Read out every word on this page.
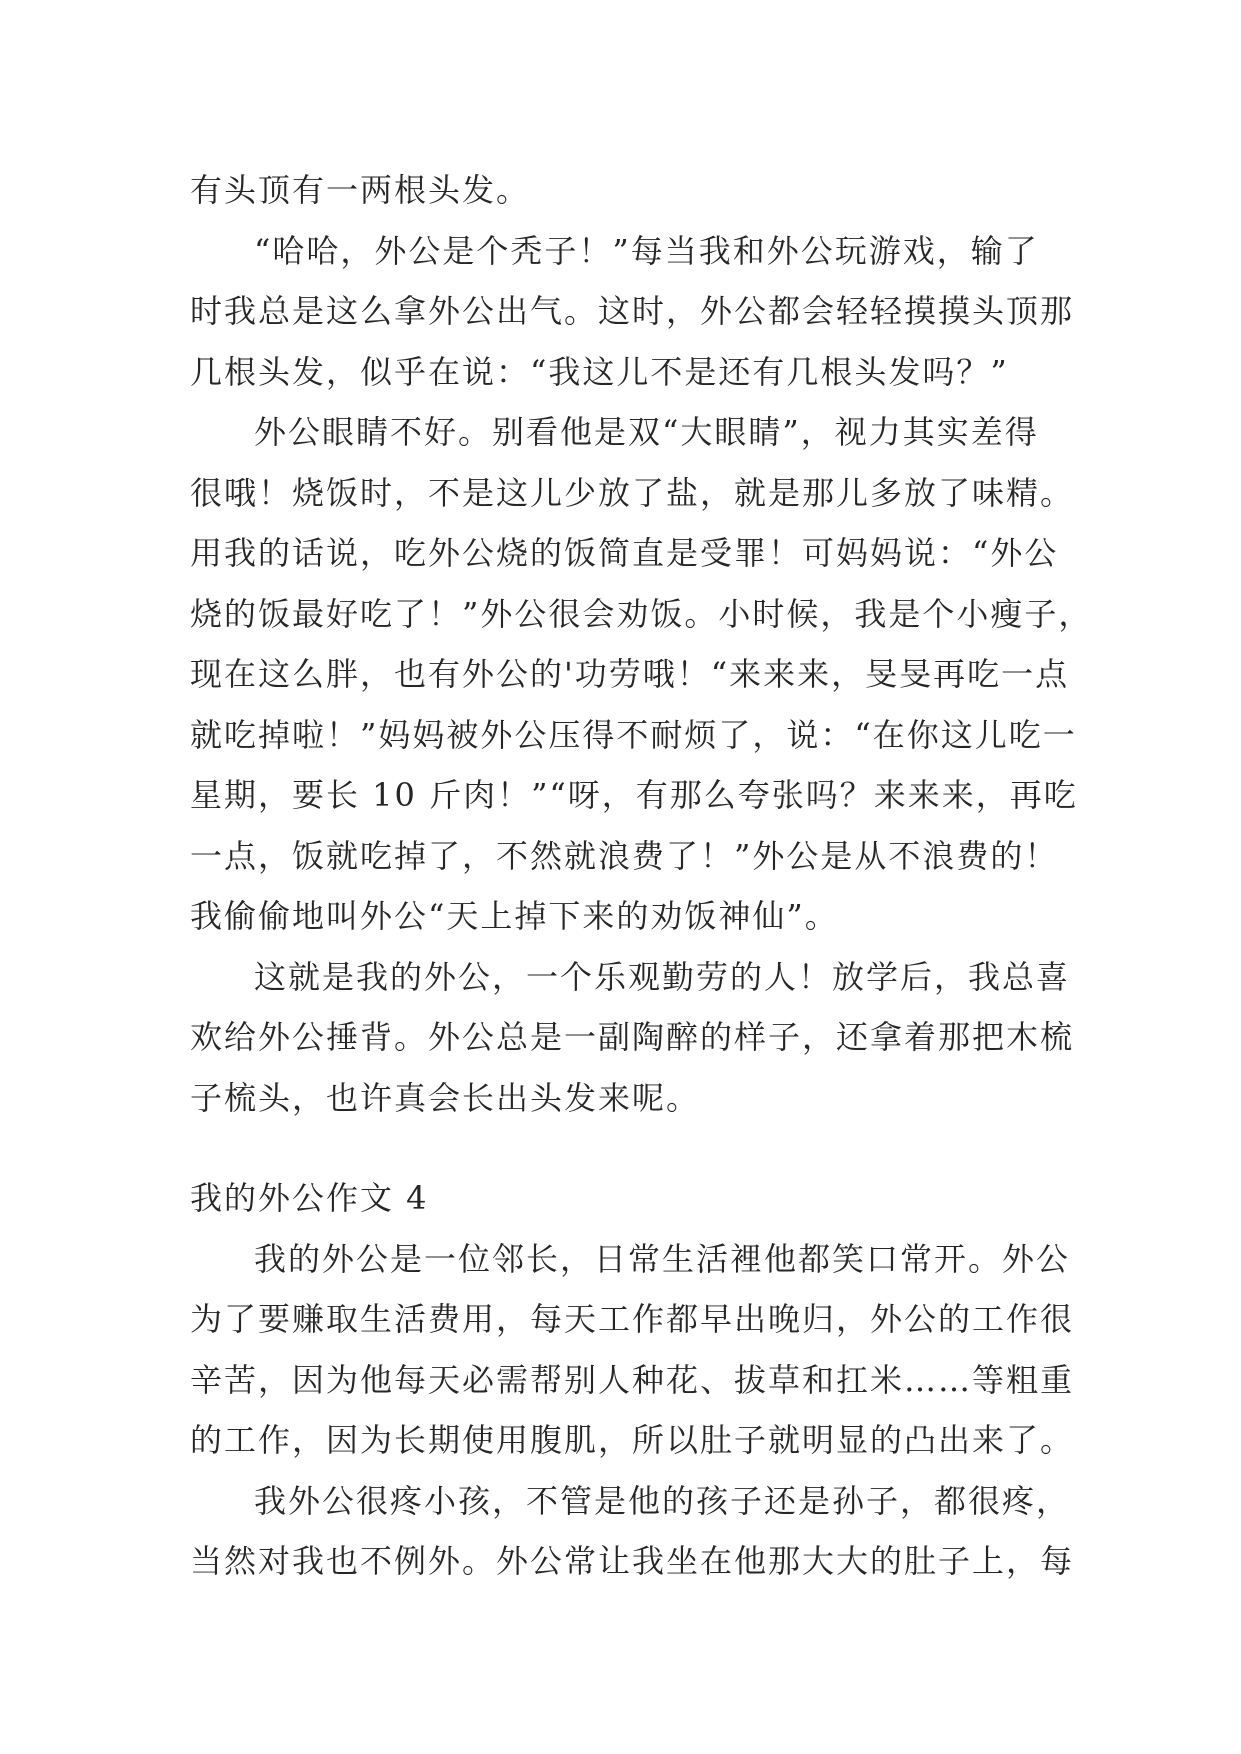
有头顶有一两根头发。
“哈哈，外公是个秃子！”每当我和外公玩游戏，输了
时我总是这么拿外公出气。这时，外公都会轻轻摸摸头顶那
几根头发，似乎在说：“我这儿不是还有几根头发吗？”
外公眼睛不好。别看他是双“大眼睛”，视力其实差得
很哦！烧饭时，不是这儿少放了盐，就是那儿多放了味精。
用我的话说，吃外公烧的饭简直是受罪！可妈妈说：“外公
烧的饭最好吃了！”外公很会劝饭。小时候，我是个小瘦子，
现在这么胖，也有外公的'功劳哦！“来来来，旻旻再吃一点
就吃掉啦！”妈妈被外公压得不耐烦了，说：“在你这儿吃一
星期，要长 10 斤肉！”“呀，有那么夸张吗？来来来，再吃
一点，饭就吃掉了，不然就浪费了！”外公是从不浪费的！
我偷偷地叫外公“天上掉下来的劝饭神仙”。
这就是我的外公，一个乐观勤劳的人！放学后，我总喜
欢给外公捶背。外公总是一副陶醉的样子，还拿着那把木梳
子梳头，也许真会长出头发来呢。
我的外公作文 4
我的外公是一位邻长，日常生活裡他都笑口常开。外公
为了要赚取生活费用，每天工作都早出晚归，外公的工作很
辛苦，因为他每天必需帮别人种花、拔草和扛米……等粗重
的工作，因为长期使用腹肌，所以肚子就明显的凸出来了。
我外公很疼小孩，不管是他的孩子还是孙子，都很疼，
当然对我也不例外。外公常让我坐在他那大大的肚子上，每
